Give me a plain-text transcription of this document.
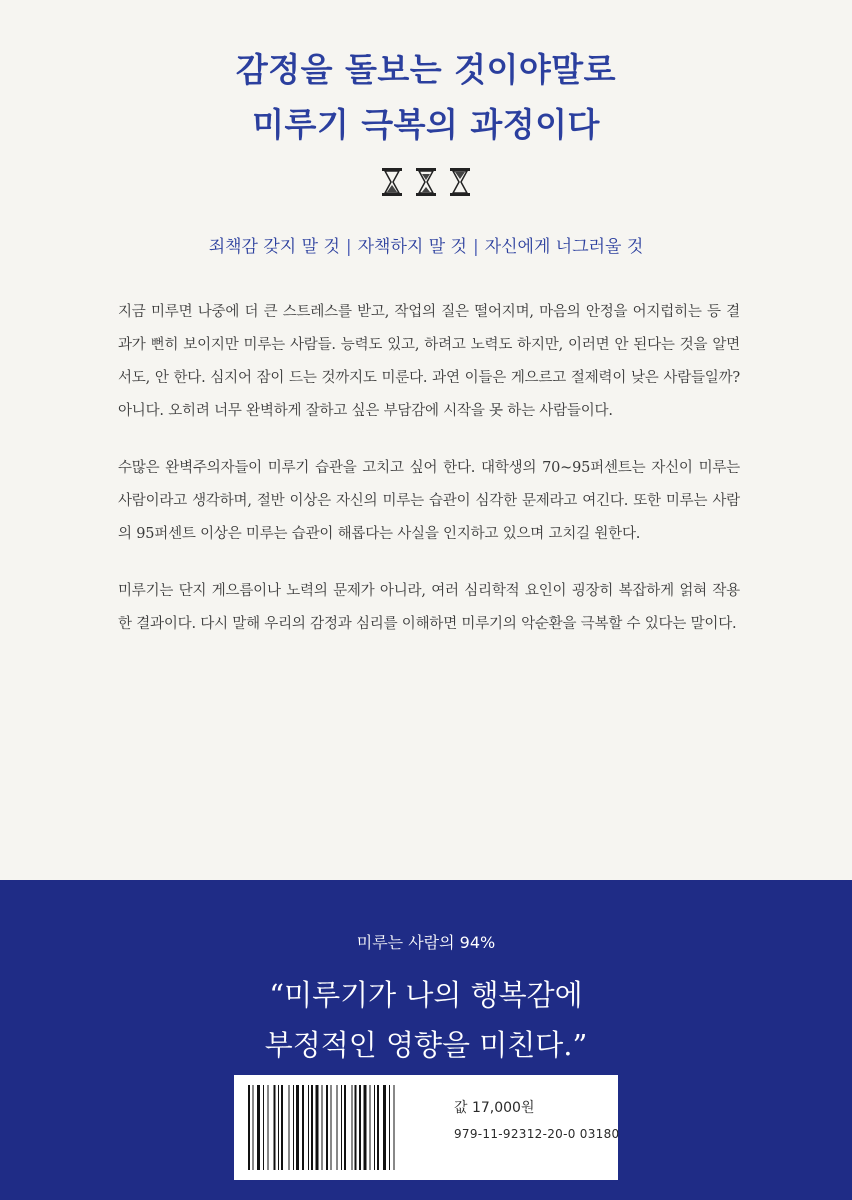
감정을 돌보는 것이야말로
미루기 극복의 과정이다
죄책감 갖지 말 것 | 자책하지 말 것 | 자신에게 너그러울 것

지금 미루면 나중에 더 큰 스트레스를 받고, 작업의 질은 떨어지며, 마음의 안정을 어지럽히는 등 결과가 뻔히 보이지만 미루는 사람들. 능력도 있고, 하려고 노력도 하지만, 이러면 안 된다는 것을 알면서도, 안 한다. 심지어 잠이 드는 것까지도 미룬다. 과연 이들은 게으르고 절제력이 낮은 사람들일까? 아니다. 오히려 너무 완벽하게 잘하고 싶은 부담감에 시작을 못 하는 사람들이다.

수많은 완벽주의자들이 미루기 습관을 고치고 싶어 한다. 대학생의 70~95퍼센트는 자신이 미루는 사람이라고 생각하며, 절반 이상은 자신의 미루는 습관이 심각한 문제라고 여긴다. 또한 미루는 사람의 95퍼센트 이상은 미루는 습관이 해롭다는 사실을 인지하고 있으며 고치길 원한다.

미루기는 단지 게으름이나 노력의 문제가 아니라, 여러 심리학적 요인이 굉장히 복잡하게 얽혀 작용한 결과이다. 다시 말해 우리의 감정과 심리를 이해하면 미루기의 악순환을 극복할 수 있다는 말이다.

미루는 사람의 94%
“미루기가 나의 행복감에
부정적인 영향을 미친다.”
값 17,000원
979-11-92312-20-0 03180
